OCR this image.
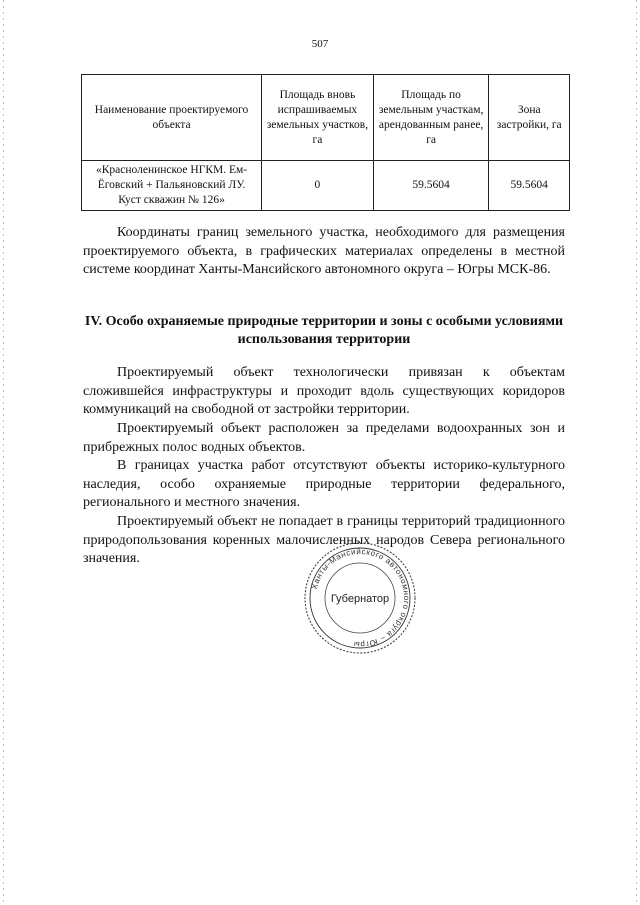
507
Наименование проектируемого объекта	Площадь вновь испрашиваемых земельных участков, га	Площадь по земельным участкам, арендованным ранее, га	Зона застройки, га
«Красноленинское НГКМ. Ем-Ёговский + Пальяновский ЛУ. Куст скважин № 126»	0	59.5604	59.5604

Координаты границ земельного участка, необходимого для размещения проектируемого объекта, в графических материалах определены в местной системе координат Ханты-Мансийского автономного округа – Югры МСК-86.

IV. Особо охраняемые природные территории и зоны с особыми условиями использования территории

Проектируемый объект технологически привязан к объектам сложившейся инфраструктуры и проходит вдоль существующих коридоров коммуникаций на свободной от застройки территории.

Проектируемый объект расположен за пределами водоохранных зон и прибрежных полос водных объектов.

В границах участка работ отсутствуют объекты историко-культурного наследия, особо охраняемые природные территории федерального, регионального и местного значения.

Проектируемый объект не попадает в границы территорий традиционного природопользования коренных малочисленных народов Севера регионального значения.

Ханты-Мансийского автономного округа – Югры
Губернатор
